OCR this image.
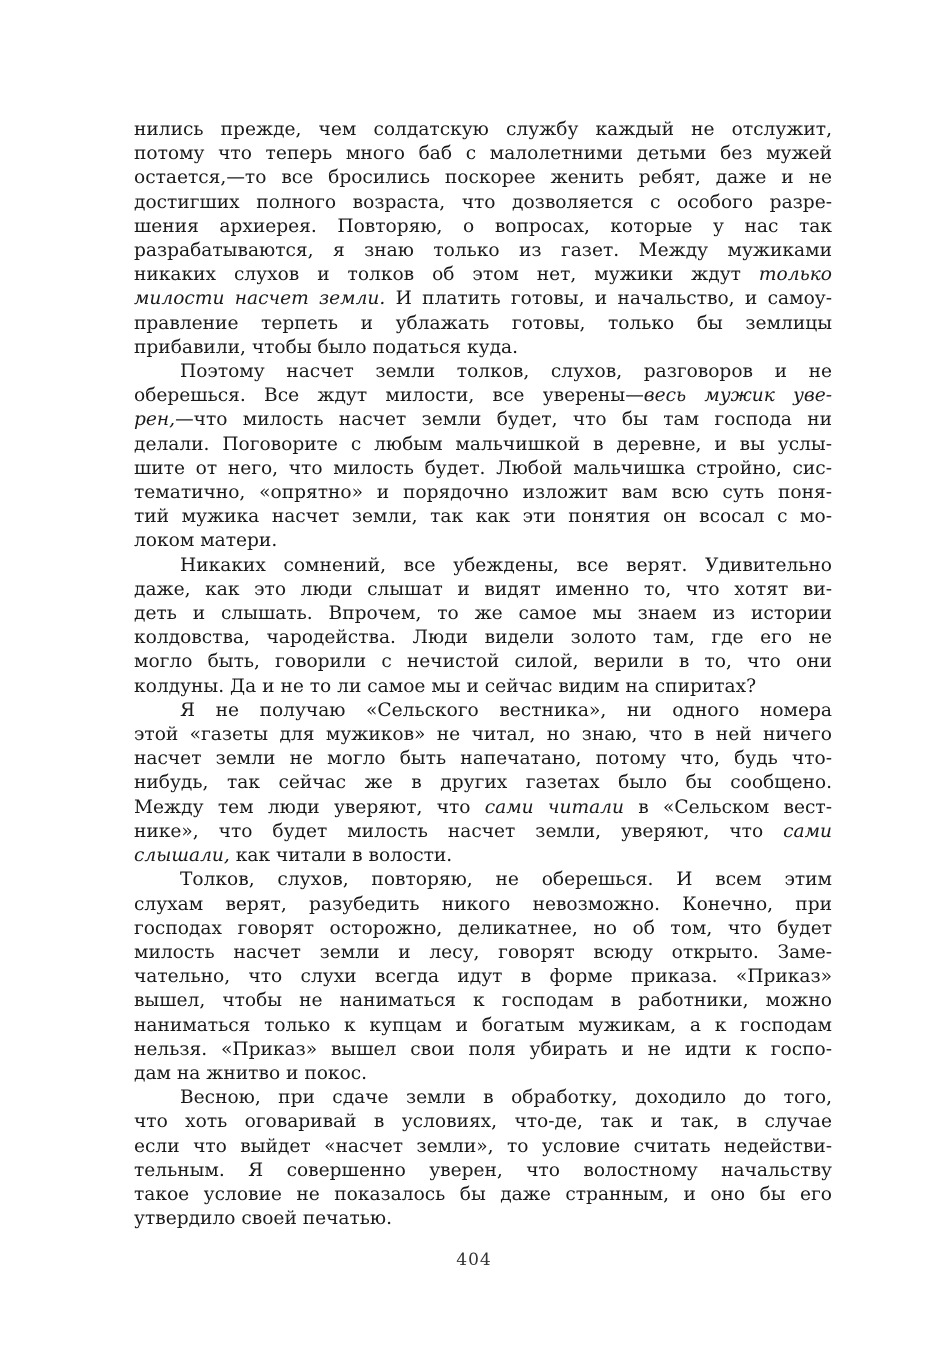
нились прежде, чем солдатскую службу каждый не отслужит,
потому что теперь много баб с малолетними детьми без мужей
остается,—то все бросились поскорее женить ребят, даже и не
достигших полного возраста, что дозволяется с особого разре-
шения архиерея. Повторяю, о вопросах, которые у нас так
разрабатываются, я знаю только из газет. Между мужиками
никаких слухов и толков об этом нет, мужики ждут только
милости насчет земли. И платить готовы, и начальство, и самоу-
правление терпеть и ублажать готовы, только бы землицы
прибавили, чтобы было податься куда.

Поэтому насчет земли толков, слухов, разговоров и не
оберешься. Все ждут милости, все уверены—весь мужик уве-
рен,—что милость насчет земли будет, что бы там господа ни
делали. Поговорите с любым мальчишкой в деревне, и вы услы-
шите от него, что милость будет. Любой мальчишка стройно, сис-
тематично, «опрятно» и порядочно изложит вам всю суть поня-
тий мужика насчет земли, так как эти понятия он всосал с мо-
локом матери.

Никаких сомнений, все убеждены, все верят. Удивительно
даже, как это люди слышат и видят именно то, что хотят ви-
деть и слышать. Впрочем, то же самое мы знаем из истории
колдовства, чародейства. Люди видели золото там, где его не
могло быть, говорили с нечистой силой, верили в то, что они
колдуны. Да и не то ли самое мы и сейчас видим на спиритах?

Я не получаю «Сельского вестника», ни одного номера
этой «газеты для мужиков» не читал, но знаю, что в ней ничего
насчет земли не могло быть напечатано, потому что, будь что-
нибудь, так сейчас же в других газетах было бы сообщено.
Между тем люди уверяют, что сами читали в «Сельском вест-
нике», что будет милость насчет земли, уверяют, что сами
слышали, как читали в волости.

Толков, слухов, повторяю, не оберешься. И всем этим
слухам верят, разубедить никого невозможно. Конечно, при
господах говорят осторожно, деликатнее, но об том, что будет
милость насчет земли и лесу, говорят всюду открыто. Заме-
чательно, что слухи всегда идут в форме приказа. «Приказ»
вышел, чтобы не наниматься к господам в работники, можно
наниматься только к купцам и богатым мужикам, а к господам
нельзя. «Приказ» вышел свои поля убирать и не идти к госпо-
дам на жнитво и покос.

Весною, при сдаче земли в обработку, доходило до того,
что хоть оговаривай в условиях, что-де, так и так, в случае
если что выйдет «насчет земли», то условие считать недействи-
тельным. Я совершенно уверен, что волостному начальству
такое условие не показалось бы даже странным, и оно бы его
утвердило своей печатью.

404
